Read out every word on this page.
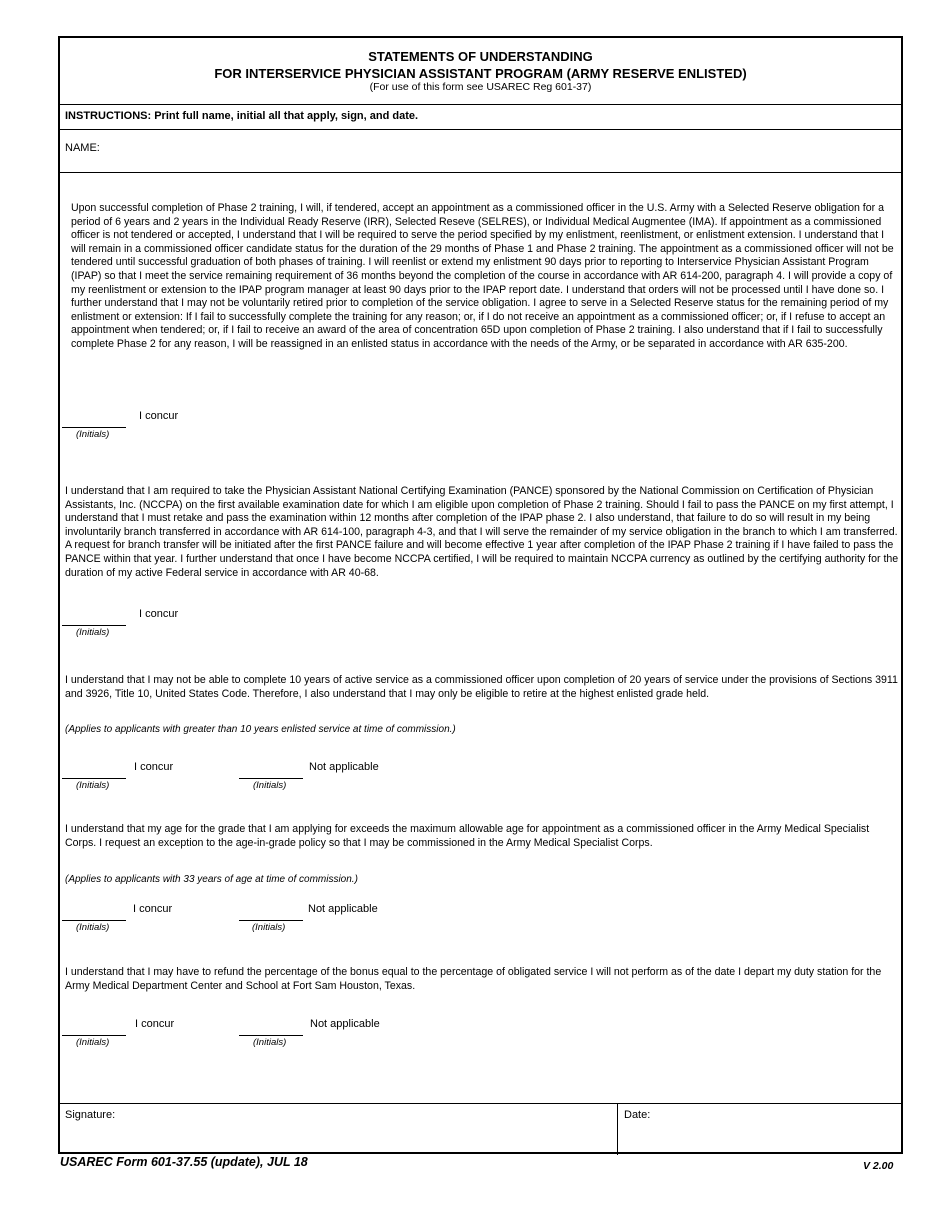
STATEMENTS OF UNDERSTANDING
FOR INTERSERVICE PHYSICIAN ASSISTANT PROGRAM (ARMY RESERVE ENLISTED)
(For use of this form see USAREC Reg 601-37)
INSTRUCTIONS: Print full name, initial all that apply, sign, and date.
NAME:
Upon successful completion of Phase 2 training, I will, if tendered, accept an appointment as a commissioned officer in the U.S. Army with a Selected Reserve obligation for a period of 6 years and 2 years in the Individual Ready Reserve (IRR), Selected Reseve (SELRES), or Individual Medical Augmentee (IMA). If appointment as a commissioned officer is not tendered or accepted, I understand that I will be required to serve the period specified by my enlistment, reenlistment, or enlistment extension. I understand that I will remain in a commissioned officer candidate status for the duration of the 29 months of Phase 1 and Phase 2 training. The appointment as a commissioned officer will not be tendered until successful graduation of both phases of training. I will reenlist or extend my enlistment 90 days prior to reporting to Interservice Physician Assistant Program (IPAP) so that I meet the service remaining requirement of 36 months beyond the completion of the course in accordance with AR 614-200, paragraph 4. I will provide a copy of my reenlistment or extension to the IPAP program manager at least 90 days prior to the IPAP report date. I understand that orders will not be processed until I have done so. I further understand that I may not be voluntarily retired prior to completion of the service obligation. I agree to serve in a Selected Reserve status for the remaining period of my enlistment or extension: If I fail to successfully complete the training for any reason; or, if I do not receive an appointment as a commissioned officer; or, if I refuse to accept an appointment when tendered; or, if I fail to receive an award of the area of concentration 65D upon completion of Phase 2 training. I also understand that if I fail to successfully complete Phase 2 for any reason, I will be reassigned in an enlisted status in accordance with the needs of the Army, or be separated in accordance with AR 635-200.
I concur
(Initials)
I understand that I am required to take the Physician Assistant National Certifying Examination (PANCE) sponsored by the National Commission on Certification of Physician Assistants, Inc. (NCCPA) on the first available examination date for which I am eligible upon completion of Phase 2 training. Should I fail to pass the PANCE on my first attempt, I understand that I must retake and pass the examination within 12 months after completion of the IPAP phase 2. I also understand, that failure to do so will result in my being involuntarily branch transferred in accordance with AR 614-100, paragraph 4-3, and that I will serve the remainder of my service obligation in the branch to which I am transferred. A request for branch transfer will be initiated after the first PANCE failure and will become effective 1 year after completion of the IPAP Phase 2 training if I have failed to pass the PANCE within that year. I further understand that once I have become NCCPA certified, I will be required to maintain NCCPA currency as outlined by the certifying authority for the duration of my active Federal service in accordance with AR 40-68.
I concur
(Initials)
I understand that I may not be able to complete 10 years of active service as a commissioned officer upon completion of 20 years of service under the provisions of Sections 3911 and 3926, Title 10, United States Code. Therefore, I also understand that I may only be eligible to retire at the highest enlisted grade held.
(Applies to applicants with greater than 10 years enlisted service at time of commission.)
I concur
(Initials)
Not applicable
(Initials)
I understand that my age for the grade that I am applying for exceeds the maximum allowable age for appointment as a commissioned officer in the Army Medical Specialist Corps. I request an exception to the age-in-grade policy so that I may be commissioned in the Army Medical Specialist Corps.
(Applies to applicants with 33 years of age at time of commission.)
I concur
(Initials)
Not applicable
(Initials)
I understand that I may have to refund the percentage of the bonus equal to the percentage of obligated service I will not perform as of the date I depart my duty station for the Army Medical Department Center and School at Fort Sam Houston, Texas.
I concur
(Initials)
Not applicable
(Initials)
Signature:	Date:
USAREC Form 601-37.55 (update), JUL 18	V 2.00
